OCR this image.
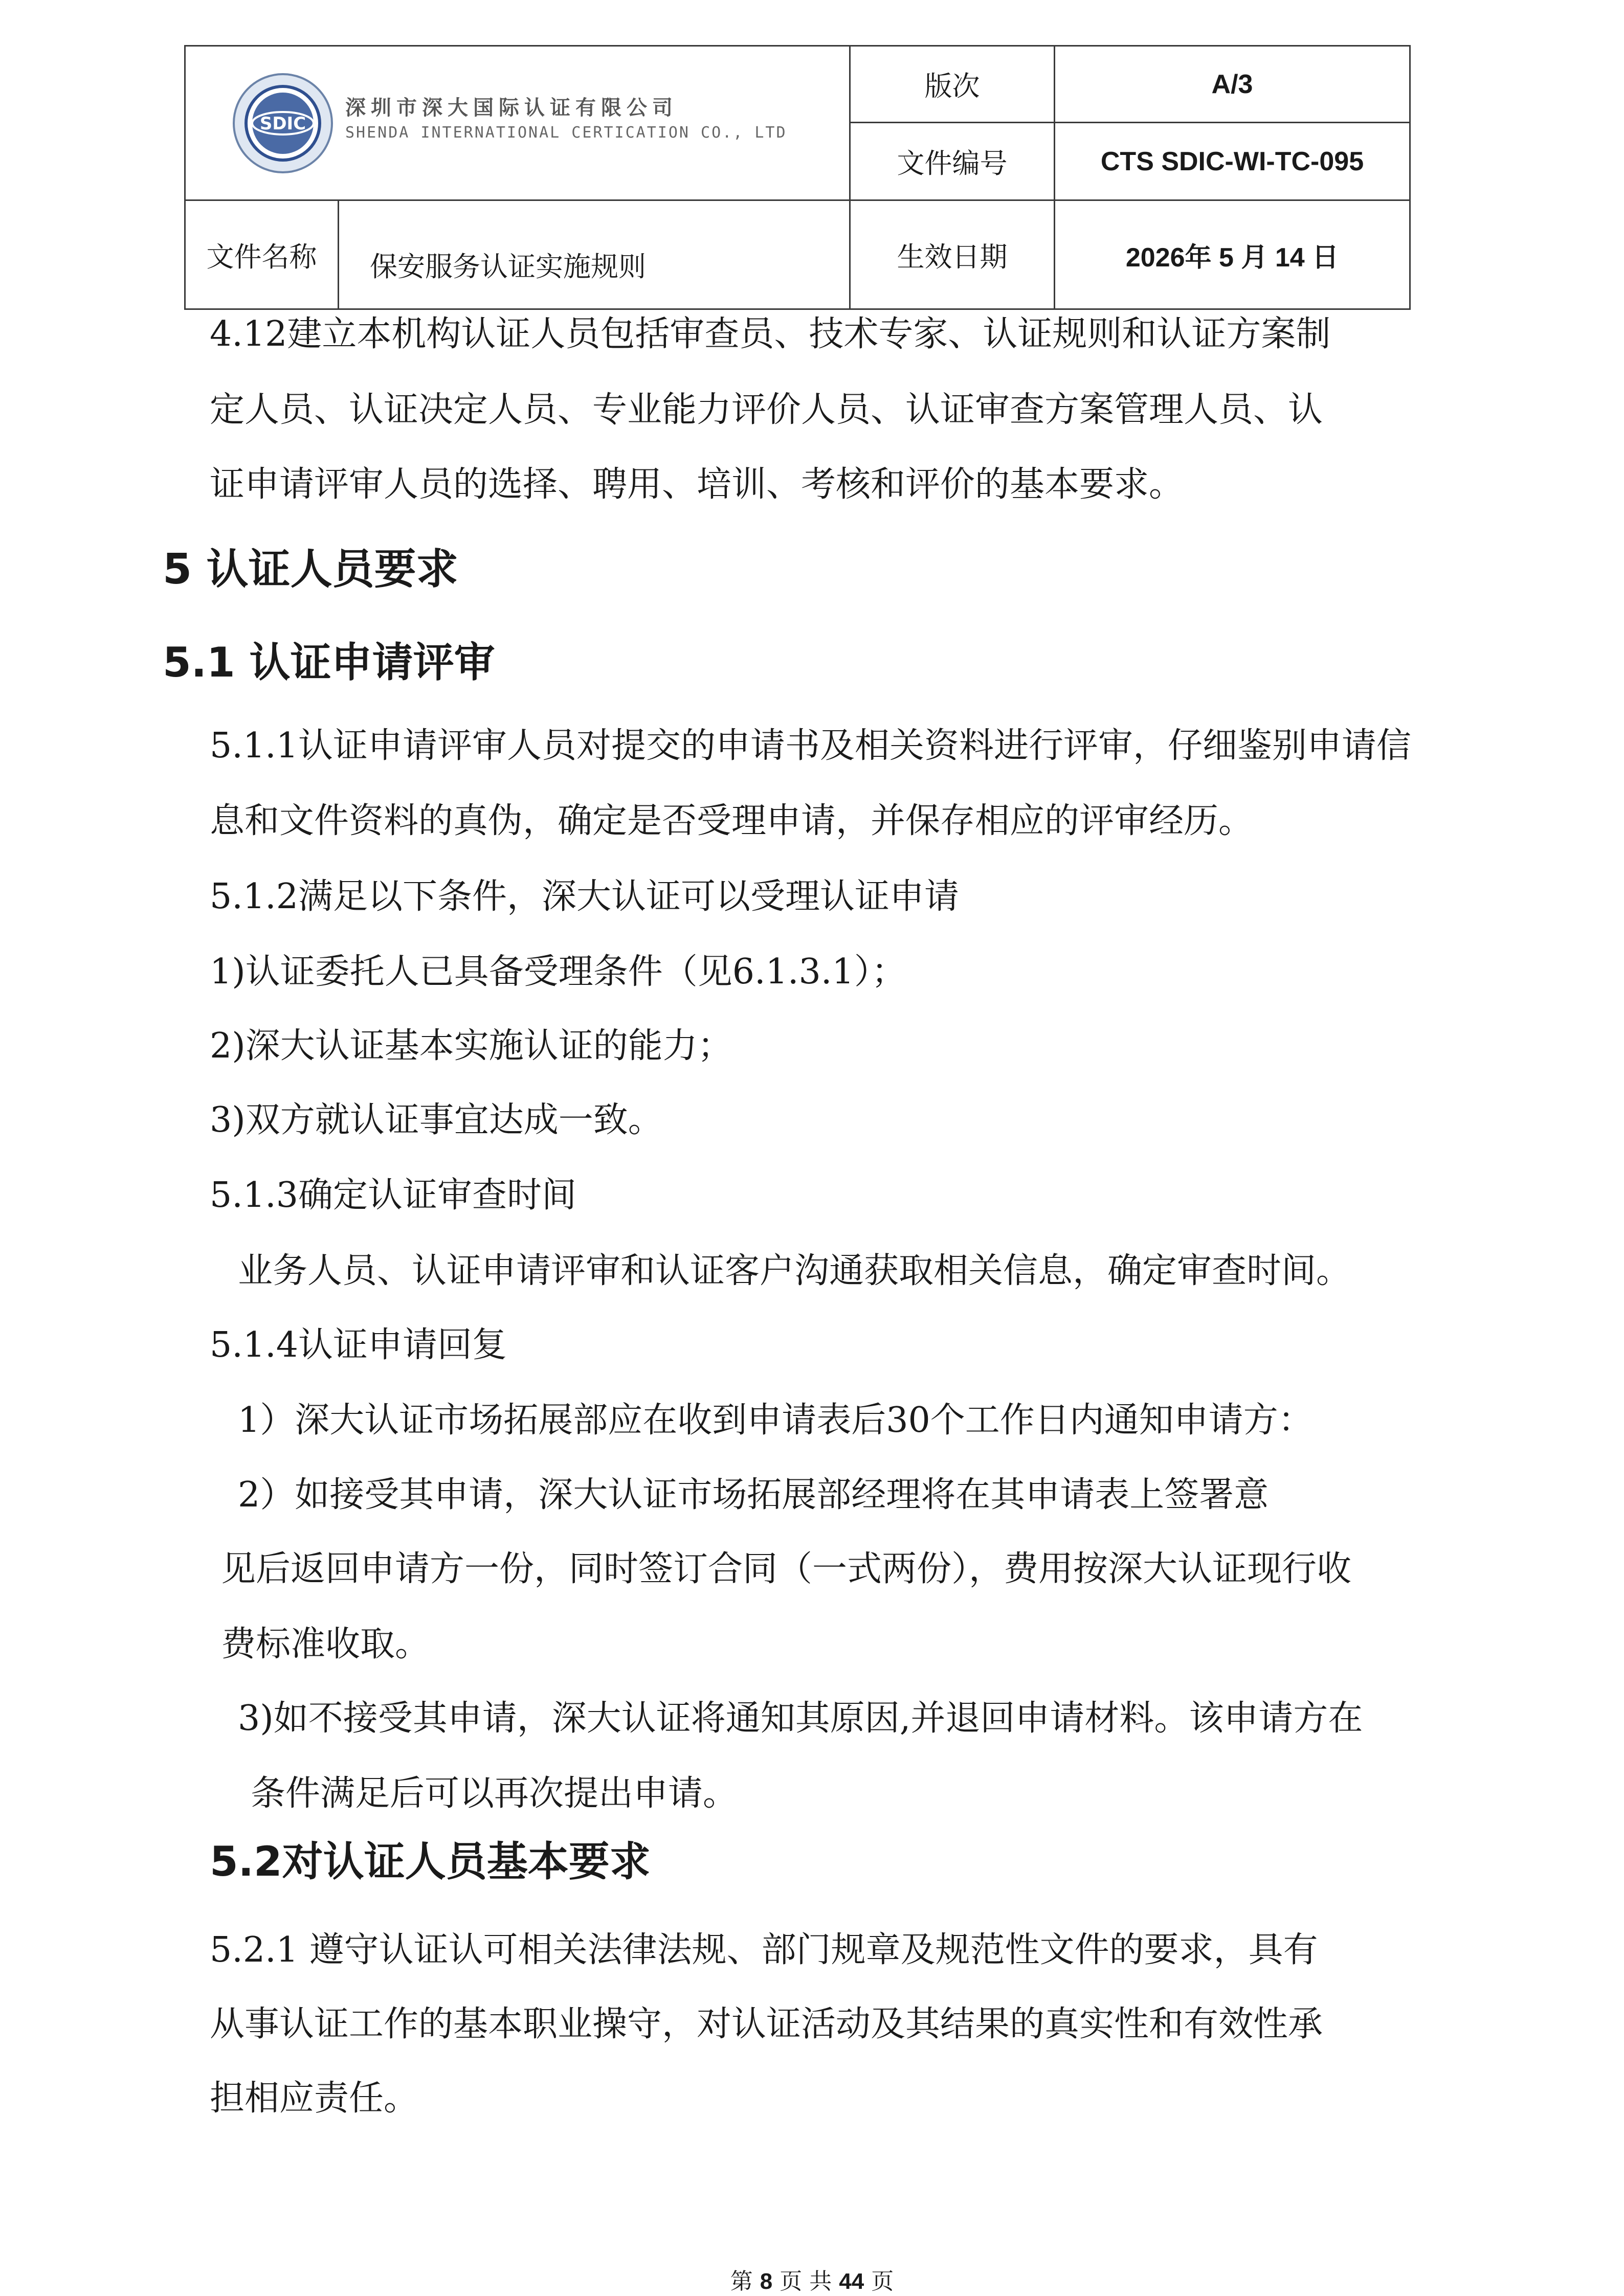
SDIC
深圳市深大国际认证有限公司
SHENDA INTERNATIONAL CERTICATION CO., LTD		版次	A/3
		文件编号	CTS SDIC-WI-TC-095
文件名称	保安服务认证实施规则	生效日期	2026年 5 月 14 日
4.12建立本机构认证人员包括审查员、技术专家、认证规则和认证方案制
定人员、认证决定人员、专业能力评价人员、认证审查方案管理人员、认
证申请评审人员的选择、聘用、培训、考核和评价的基本要求。
5 认证人员要求
5.1 认证申请评审
5.1.1认证申请评审人员对提交的申请书及相关资料进行评审，仔细鉴别申请信
息和文件资料的真伪，确定是否受理申请，并保存相应的评审经历。
5.1.2满足以下条件，深大认证可以受理认证申请
1)认证委托人已具备受理条件（见6.1.3.1）；
2)深大认证基本实施认证的能力；
3)双方就认证事宜达成一致。
5.1.3确定认证审查时间
业务人员、认证申请评审和认证客户沟通获取相关信息，确定审查时间。
5.1.4认证申请回复
1）深大认证市场拓展部应在收到申请表后30个工作日内通知申请方：
2）如接受其申请，深大认证市场拓展部经理将在其申请表上签署意
见后返回申请方一份，同时签订合同（一式两份），费用按深大认证现行收
费标准收取。
3)如不接受其申请，深大认证将通知其原因,并退回申请材料。该申请方在
条件满足后可以再次提出申请。
5.2对认证人员基本要求
5.2.1 遵守认证认可相关法律法规、部门规章及规范性文件的要求，具有
从事认证工作的基本职业操守，对认证活动及其结果的真实性和有效性承
担相应责任。
第 8 页 共 44 页
